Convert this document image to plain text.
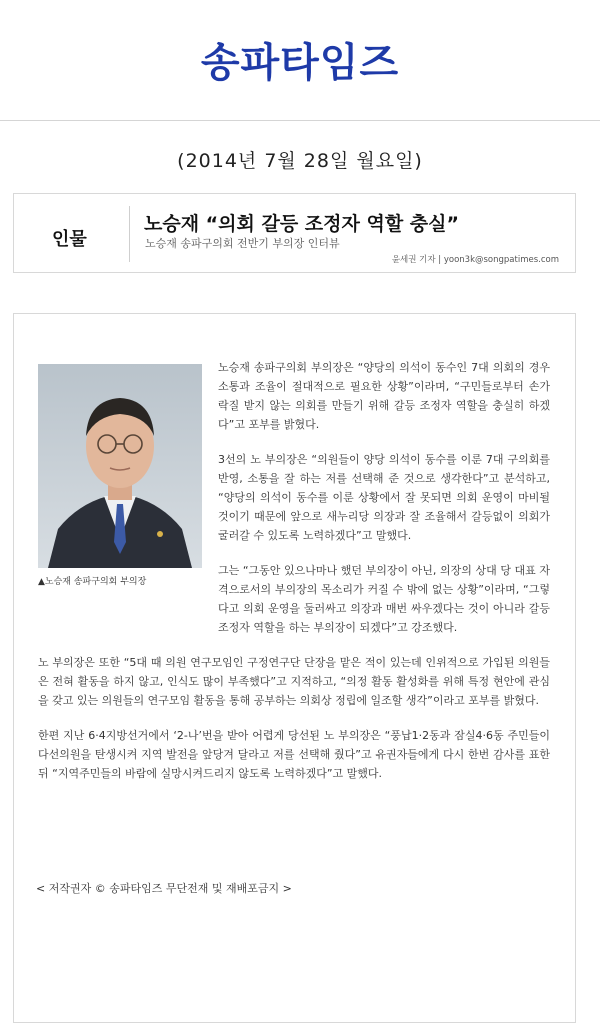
송파타임즈
(2014년 7월 28일 월요일)
인물
노승재 “의회 갈등 조정자 역할 충실”
노승재 송파구의회 전반기 부의장 인터뷰
윤세권 기자 | yoon3k@songpatimes.com

노승재 송파구의회 부의장은 “양당의 의석이 동수인 7대 의회의 경우 소통과 조율이 절대적으로 필요한 상황”이라며, “구민들로부터 손가락질 받지 않는 의회를 만들기 위해 갈등 조정자 역할을 충실히 하겠다”고 포부를 밝혔다.

3선의 노 부의장은 “의원들이 양당 의석이 동수를 이룬 7대 구의회를 반영, 소통을 잘 하는 저를 선택해 준 것으로 생각한다”고 분석하고, “양당의 의석이 동수를 이룬 상황에서 잘 못되면 의회 운영이 마비될 것이기 때문에 앞으로 새누리당 의장과 잘 조율해서 갈등없이 의회가 굴러갈 수 있도록 노력하겠다”고 말했다.

그는 “그동안 있으나마나 했던 부의장이 아닌, 의장의 상대 당 대표 자격으로서의 부의장의 목소리가 커질 수 밖에 없는 상황”이라며, “그렇다고 의회 운영을 둘러싸고 의장과 매번 싸우겠다는 것이 아니라 갈등 조정자 역할을 하는 부의장이 되겠다”고 강조했다.

노 부의장은 또한 “5대 때 의원 연구모임인 구정연구단 단장을 맡은 적이 있는데 인위적으로 가입된 의원들은 전혀 활동을 하지 않고, 인식도 많이 부족했다”고 지적하고, “의정 활동 활성화를 위해 특정 현안에 관심을 갖고 있는 의원들의 연구모임 활동을 통해 공부하는 의회상 정립에 일조할 생각”이라고 포부를 밝혔다.

한편 지난 6·4지방선거에서 ‘2-나’번을 받아 어렵게 당선된 노 부의장은 “풍납1·2동과 잠실4·6동 주민들이 다선의원을 탄생시켜 지역 발전을 앞당겨 달라고 저를 선택해 줬다”고 유권자들에게 다시 한번 감사를 표한 뒤 “지역주민들의 바람에 실망시켜드리지 않도록 노력하겠다”고 말했다.

▲노승재 송파구의회 부의장
< 저작권자 © 송파타임즈 무단전재 및 재배포금지 >
